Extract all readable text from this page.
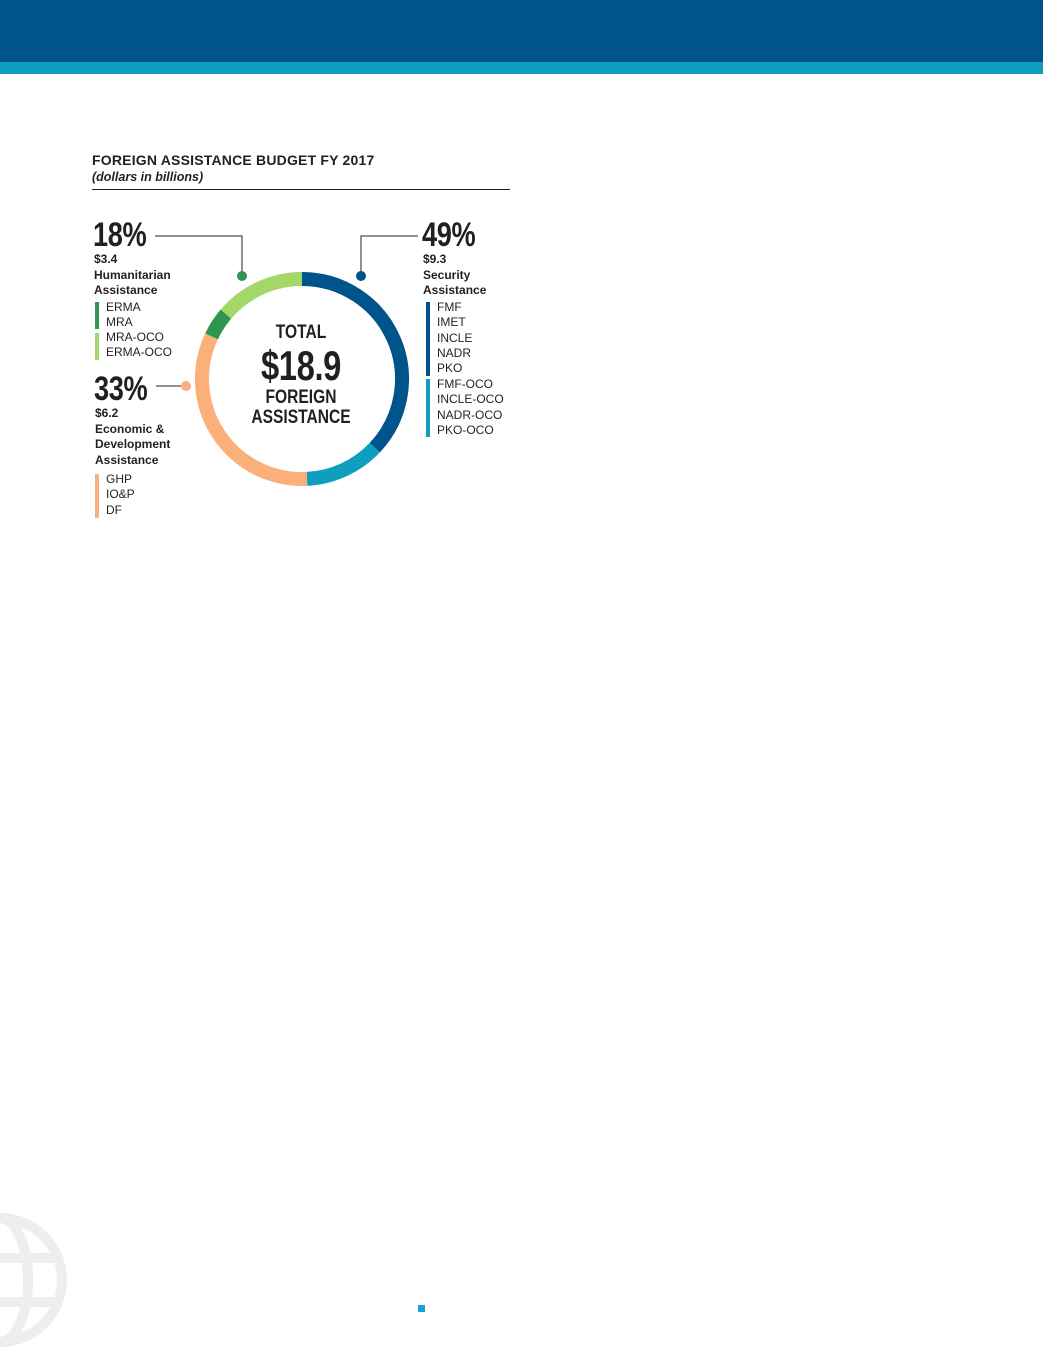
FOREIGN ASSISTANCE BUDGET FY 2017
(dollars in billions)
TOTAL
$18.9
FOREIGN
ASSISTANCE
18%
$3.4
Humanitarian
Assistance
ERMA
MRA
MRA-OCO
ERMA-OCO
33%
$6.2
Economic &
Development
Assistance
GHP
IO&P
DF
49%
$9.3
Security
Assistance
FMF
IMET
INCLE
NADR
PKO
FMF-OCO
INCLE-OCO
NADR-OCO
PKO-OCO
